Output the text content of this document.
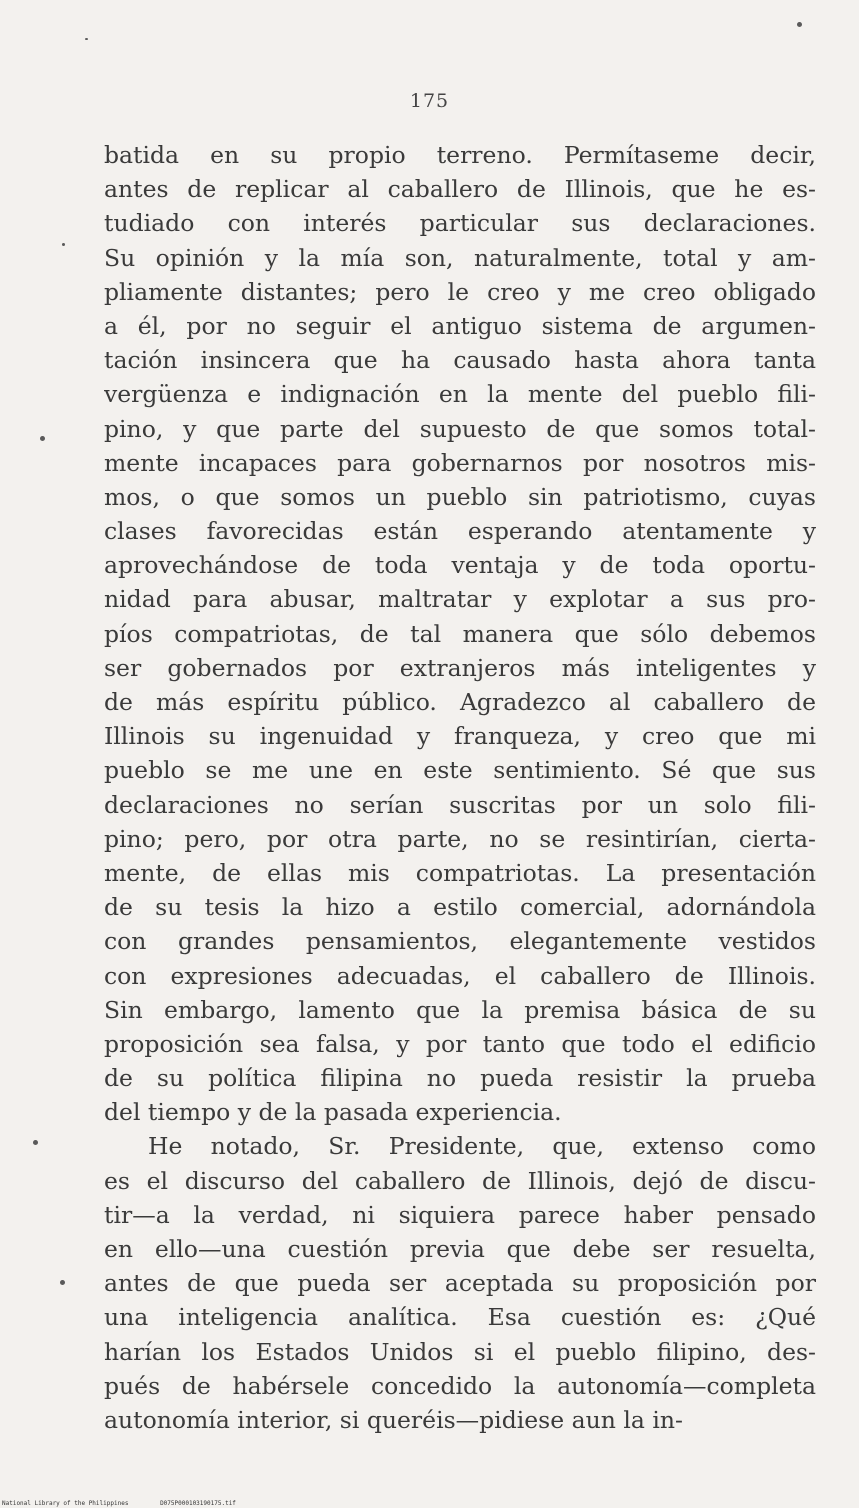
175
batida en su propio terreno. Permítaseme decir,
antes de replicar al caballero de Illinois, que he es-
tudiado con interés particular sus declaraciones.
Su opinión y la mía son, naturalmente, total y am-
pliamente distantes; pero le creo y me creo obligado
a él, por no seguir el antiguo sistema de argumen-
tación insincera que ha causado hasta ahora tanta
vergüenza e indignación en la mente del pueblo fili-
pino, y que parte del supuesto de que somos total-
mente incapaces para gobernarnos por nosotros mis-
mos, o que somos un pueblo sin patriotismo, cuyas
clases favorecidas están esperando atentamente y
aprovechándose de toda ventaja y de toda oportu-
nidad para abusar, maltratar y explotar a sus pro-
píos compatriotas, de tal manera que sólo debemos
ser gobernados por extranjeros más inteligentes y
de más espíritu público. Agradezco al caballero de
Illinois su ingenuidad y franqueza, y creo que mi
pueblo se me une en este sentimiento. Sé que sus
declaraciones no serían suscritas por un solo fili-
pino; pero, por otra parte, no se resintirían, cierta-
mente, de ellas mis compatriotas. La presentación
de su tesis la hizo a estilo comercial, adornándola
con grandes pensamientos, elegantemente vestidos
con expresiones adecuadas, el caballero de Illinois.
Sin embargo, lamento que la premisa básica de su
proposición sea falsa, y por tanto que todo el edificio
de su política filipina no pueda resistir la prueba
del tiempo y de la pasada experiencia.
He notado, Sr. Presidente, que, extenso como
es el discurso del caballero de Illinois, dejó de discu-
tir—a la verdad, ni siquiera parece haber pensado
en ello—una cuestión previa que debe ser resuelta,
antes de que pueda ser aceptada su proposición por
una inteligencia analítica. Esa cuestión es: ¿Qué
harían los Estados Unidos si el pueblo filipino, des-
pués de habérsele concedido la autonomía—completa
autonomía interior, si queréis—pidiese aun la in-
National Library of the Philippines	D075P000103190175.tif
